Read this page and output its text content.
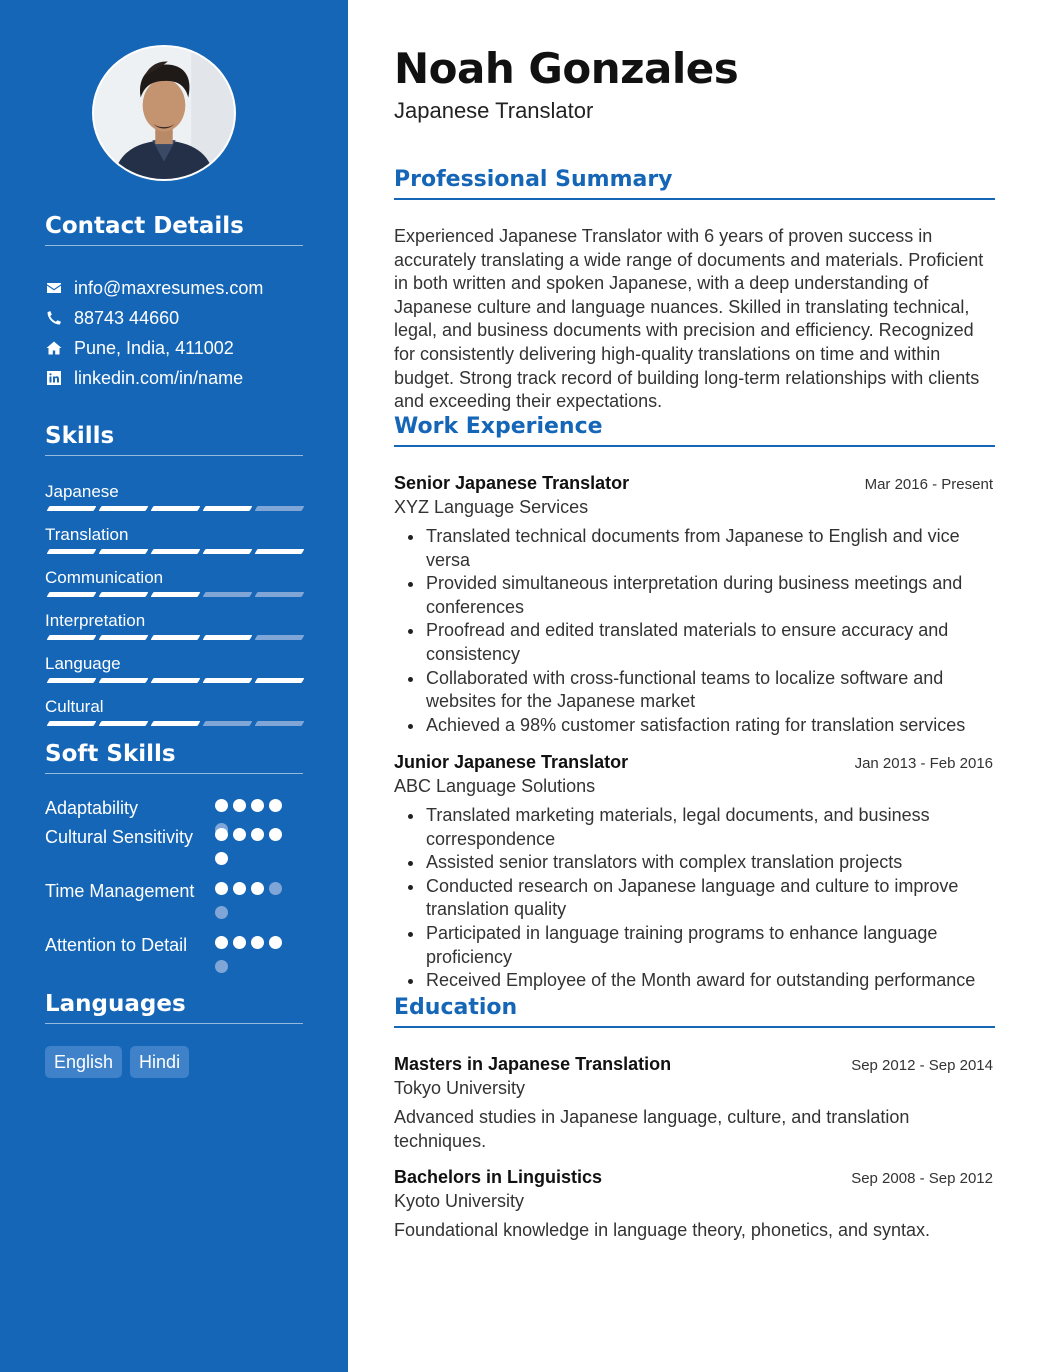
Contact Details
info@maxresumes.com
88743 44660
Pune, India, 411002
linkedin.com/in/name
Skills
Japanese
Translation
Communication
Interpretation
Language
Cultural
Soft Skills
Adaptability
Cultural Sensitivity
Time Management
Attention to Detail
Languages
English	Hindi
Noah Gonzales
Japanese Translator
Professional Summary

Experienced Japanese Translator with 6 years of proven success in accurately translating a wide range of documents and materials. Proficient in both written and spoken Japanese, with a deep understanding of Japanese culture and language nuances. Skilled in translating technical, legal, and business documents with precision and efficiency. Recognized for consistently delivering high-quality translations on time and within budget. Strong track record of building long-term relationships with clients and exceeding their expectations.

Work Experience
Senior Japanese Translator	Mar 2016 - Present
XYZ Language Services
Translated technical documents from Japanese to English and vice versa
Provided simultaneous interpretation during business meetings and conferences
Proofread and edited translated materials to ensure accuracy and consistency
Collaborated with cross-functional teams to localize software and websites for the Japanese market
Achieved a 98% customer satisfaction rating for translation services
Junior Japanese Translator	Jan 2013 - Feb 2016
ABC Language Solutions
Translated marketing materials, legal documents, and business correspondence
Assisted senior translators with complex translation projects
Conducted research on Japanese language and culture to improve translation quality
Participated in language training programs to enhance language proficiency
Received Employee of the Month award for outstanding performance
Education
Masters in Japanese Translation	Sep 2012 - Sep 2014
Tokyo University
Advanced studies in Japanese language, culture, and translation techniques.
Bachelors in Linguistics	Sep 2008 - Sep 2012
Kyoto University
Foundational knowledge in language theory, phonetics, and syntax.
